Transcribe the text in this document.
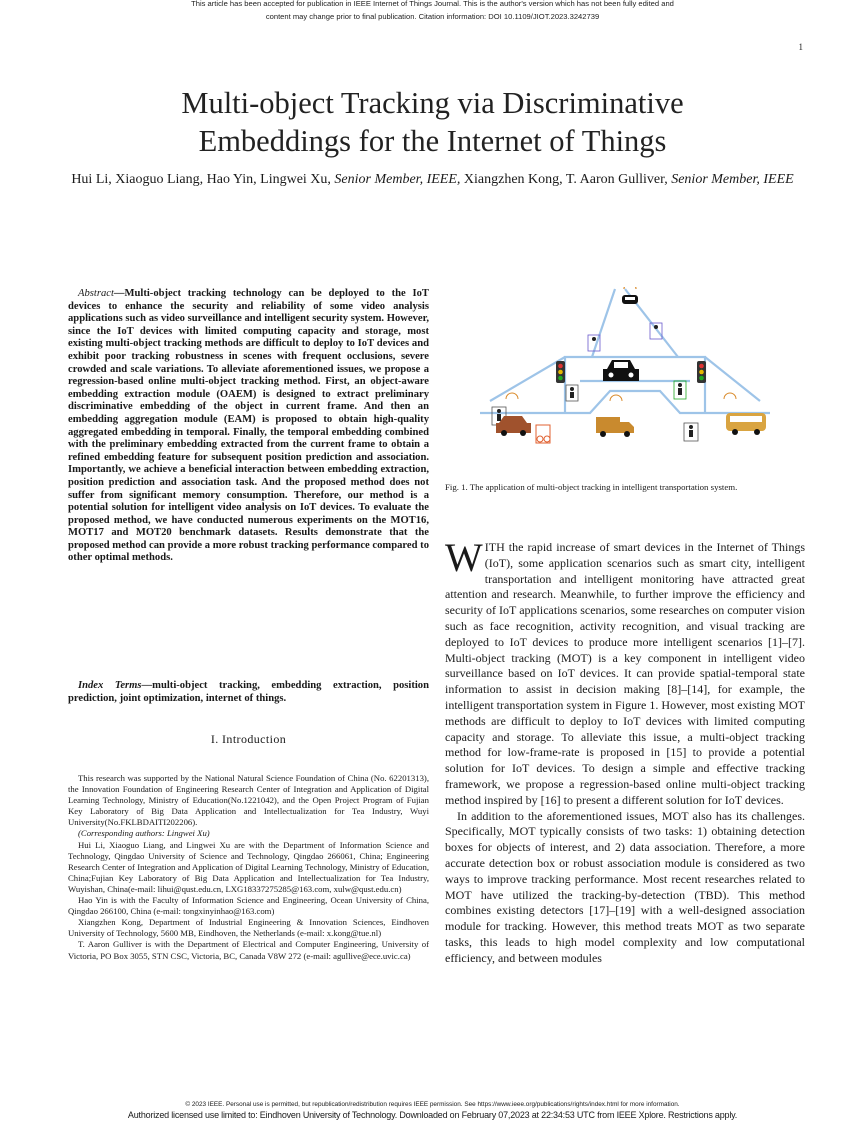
This article has been accepted for publication in IEEE Internet of Things Journal. This is the author's version which has not been fully edited and
content may change prior to final publication. Citation information: DOI 10.1109/JIOT.2023.3242739
1
Multi-object Tracking via Discriminative
Embeddings for the Internet of Things
Hui Li, Xiaoguo Liang, Hao Yin, Lingwei Xu, Senior Member, IEEE, Xiangzhen Kong, T. Aaron Gulliver, Senior Member, IEEE
Abstract—Multi-object tracking technology can be deployed to the IoT devices to enhance the security and reliability of some video analysis applications such as video surveillance and intelligent security system. However, since the IoT devices with limited computing capacity and storage, most existing multi-object tracking methods are difficult to deploy to IoT devices and exhibit poor tracking robustness in scenes with frequent occlusions, severe crowded and scale variations. To alleviate aforementioned issues, we propose a regression-based online multi-object tracking method. First, an object-aware embedding extraction module (OAEM) is designed to extract preliminary discriminative embedding of the object in current frame. And then an embedding aggregation module (EAM) is proposed to obtain high-quality aggregated embedding in temporal. Finally, the temporal embedding combined with the preliminary embedding extracted from the current frame to obtain a refined embedding feature for subsequent position prediction and association. Importantly, we achieve a beneficial interaction between embedding extraction, position prediction and association task. And the proposed method does not suffer from significant memory consumption. Therefore, our method is a potential solution for intelligent video analysis on IoT devices. To evaluate the proposed method, we have conducted numerous experiments on the MOT16, MOT17 and MOT20 benchmark datasets. Results demonstrate that the proposed method can provide a more robust tracking performance compared to other optimal methods.
Index Terms—multi-object tracking, embedding extraction, position prediction, joint optimization, internet of things.
I. Introduction

This research was supported by the National Natural Science Foundation of China (No. 62201313), the Innovation Foundation of Engineering Research Center of Integration and Application of Digital Learning Technology, Ministry of Education(No.1221042), and the Open Project Program of Fujian Key Laboratory of Big Data Application and Intellectualization for Tea Industry, Wuyi University(No.FKLBDAITI202206).

(Corresponding authors: Lingwei Xu)

Hui Li, Xiaoguo Liang, and Lingwei Xu are with the Department of Information Science and Technology, Qingdao University of Science and Technology, Qingdao 266061, China; Engineering Research Center of Integration and Application of Digital Learning Technology, Ministry of Education, China;Fujian Key Laboratory of Big Data Application and Intellectualization for Tea Industry, Wuyishan, China(e-mail: lihui@qust.edu.cn, LXG18337275285@163.com, xulw@qust.edu.cn)

Hao Yin is with the Faculty of Information Science and Engineering, Ocean University of China, Qingdao 266100, China (e-mail: tongxinyinhao@163.com)

Xiangzhen Kong, Department of Industrial Engineering & Innovation Sciences, Eindhoven University of Technology, 5600 MB, Eindhoven, the Netherlands (e-mail: x.kong@tue.nl)

T. Aaron Gulliver is with the Department of Electrical and Computer Engineering, University of Victoria, PO Box 3055, STN CSC, Victoria, BC, Canada V8W 272 (e-mail: agullive@ece.uvic.ca)

Fig. 1. The application of multi-object tracking in intelligent transportation system.

WITH the rapid increase of smart devices in the Internet of Things (IoT), some application scenarios such as smart city, intelligent transportation and intelligent monitoring have attracted great attention and research. Meanwhile, to further improve the efficiency and security of IoT applications scenarios, some researches on computer vision such as face recognition, activity recognition, and visual tracking are deployed to IoT devices to produce more intelligent scenarios [1]–[7]. Multi-object tracking (MOT) is a key component in intelligent video surveillance based on IoT devices. It can provide spatial-temporal state information to assist in decision making [8]–[14], for example, the intelligent transportation system in Figure 1. However, most existing MOT methods are difficult to deploy to IoT devices with limited computing capacity and storage. To alleviate this issue, a multi-object tracking method for low-frame-rate is proposed in [15] to provide a potential solution for IoT devices. To design a simple and effective tracking framework, we propose a regression-based online multi-object tracking method inspired by [16] to present a different solution for IoT devices.

In addition to the aforementioned issues, MOT also has its challenges. Specifically, MOT typically consists of two tasks: 1) obtaining detection boxes for objects of interest, and 2) data association. Therefore, a more accurate detection box or robust association module is considered as two ways to improve tracking performance. Most recent researches related to MOT have utilized the tracking-by-detection (TBD). This method combines existing detectors [17]–[19] with a well-designed association module for tracking. However, this method treats MOT as two separate tasks, this leads to high model complexity and low computational efficiency, and between modules

© 2023 IEEE. Personal use is permitted, but republication/redistribution requires IEEE permission. See https://www.ieee.org/publications/rights/index.html for more information.
Authorized licensed use limited to: Eindhoven University of Technology. Downloaded on February 07,2023 at 22:34:53 UTC from IEEE Xplore. Restrictions apply.
